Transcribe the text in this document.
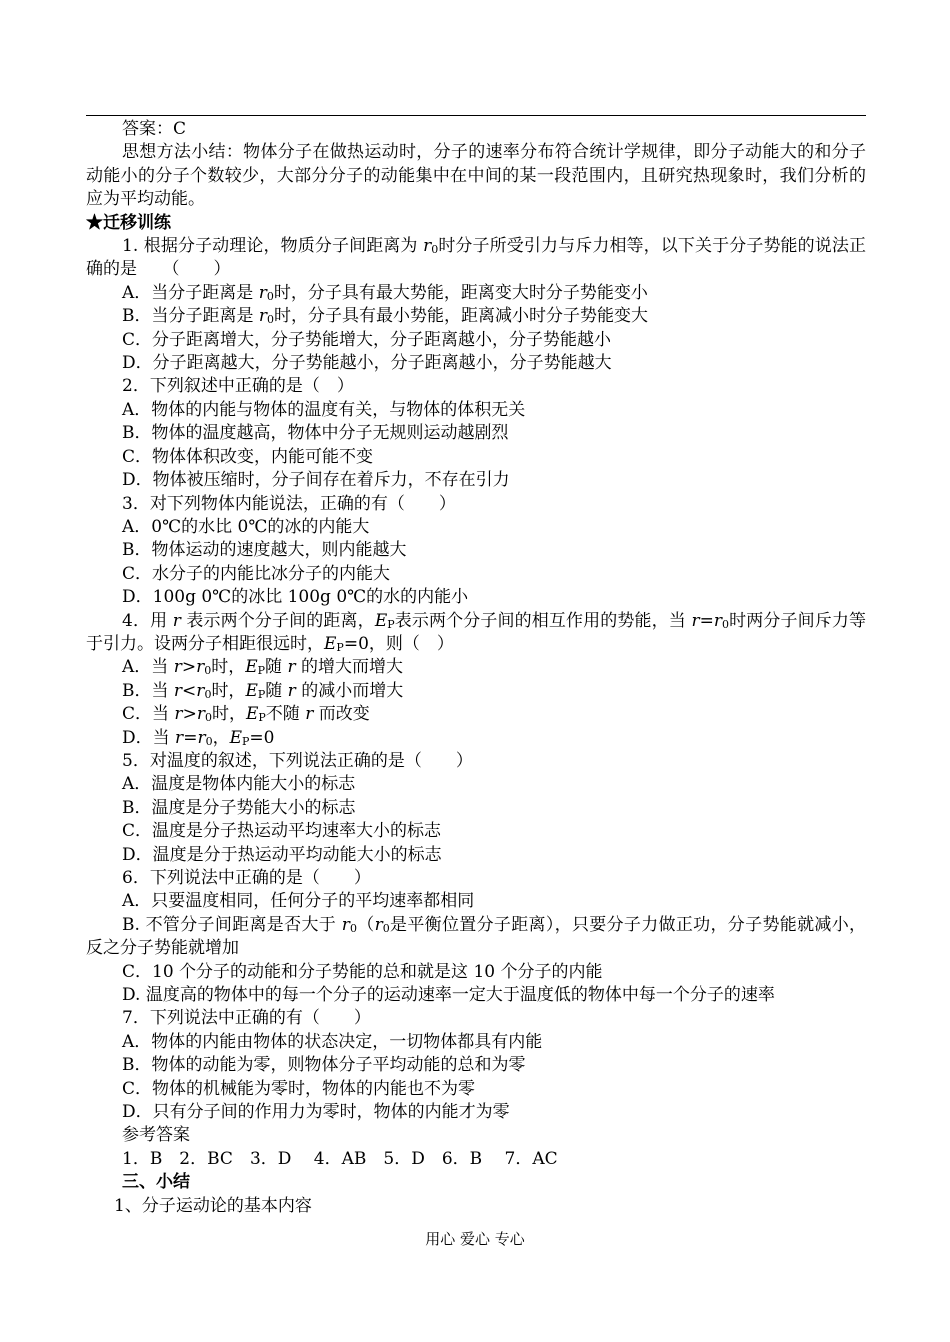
答案：C
思想方法小结：物体分子在做热运动时，分子的速率分布符合统计学规律，即分子动能大的和分子动能小的分子个数较少，大部分分子的动能集中在中间的某一段范围内，且研究热现象时，我们分析的应为平均动能。
★迁移训练
1. 根据分子动理论，物质分子间距离为 $r_0$时分子所受引力与斥力相等，以下关于分子势能的说法正确的是　　（　　）
A．当分子距离是 $r_0$时，分子具有最大势能，距离变大时分子势能变小
B．当分子距离是 $r_0$时，分子具有最小势能，距离减小时分子势能变大
C．分子距离增大，分子势能增大，分子距离越小，分子势能越小
D．分子距离越大，分子势能越小，分子距离越小，分子势能越大
2．下列叙述中正确的是（　）
A．物体的内能与物体的温度有关，与物体的体积无关
B．物体的温度越高，物体中分子无规则运动越剧烈
C．物体体积改变，内能可能不变
D．物体被压缩时，分子间存在着斥力，不存在引力
3．对下列物体内能说法，正确的有（　　）
A．0℃的水比 0℃的冰的内能大
B．物体运动的速度越大，则内能越大
C．水分子的内能比冰分子的内能大
D．100g 0℃的冰比 100g 0℃的水的内能小
4．用 r 表示两个分子间的距离，$E_P$表示两个分子间的相互作用的势能，当 $r=r_0$时两分子间斥力等于引力。设两分子相距很远时，$E_P=0$，则（　）
A．当 $r>r_0$时，$E_P$随 r 的增大而增大
B．当 $r<r_0$时，$E_P$随 r 的减小而增大
C．当 $r>r_0$时，$E_P$不随 r 而改变
D．当 $r=r_0$，$E_P=0$
5．对温度的叙述，下列说法正确的是（　　）
A．温度是物体内能大小的标志
B．温度是分子势能大小的标志
C．温度是分子热运动平均速率大小的标志
D．温度是分于热运动平均动能大小的标志
6．下列说法中正确的是（　　）
A．只要温度相同，任何分子的平均速率都相同
B. 不管分子间距离是否大于 $r_0(r_0$是平衡位置分子距离），只要分子力做正功，分子势能就减小，反之分子势能就增加
C．10 个分子的动能和分子势能的总和就是这 10 个分子的内能
D. 温度高的物体中的每一个分子的运动速率一定大于温度低的物体中每一个分子的速率
7．下列说法中正确的有（　　）
A．物体的内能由物体的状态决定，一切物体都具有内能
B．物体的动能为零，则物体分子平均动能的总和为零
C．物体的机械能为零时，物体的内能也不为零
D．只有分子间的作用力为零时，物体的内能才为零
参考答案
1．B　2．BC　3．D　 4．AB　5．D　6．B　 7．AC
三、小结
1、分子运动论的基本内容
用心 爱心 专心
